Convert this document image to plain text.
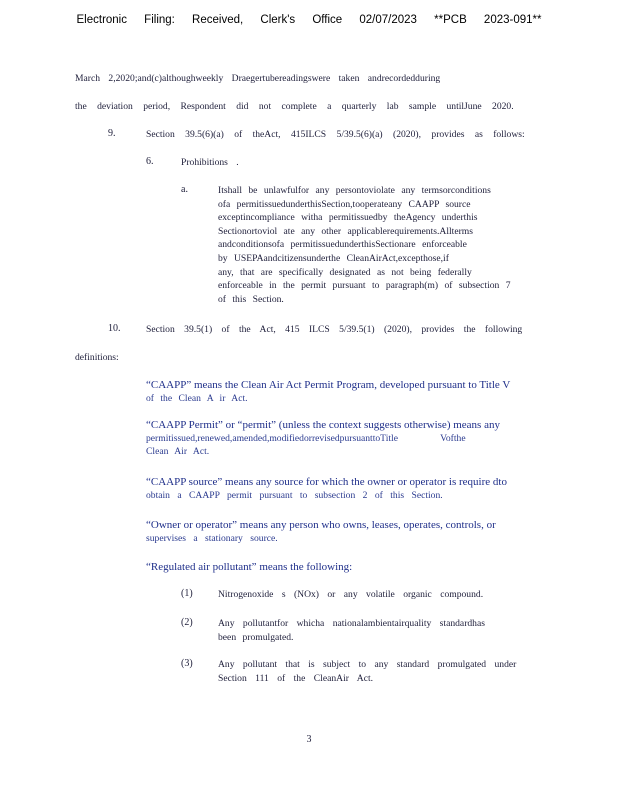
Electronic Filing: Received, Clerk's Office 02/07/2023 **PCB 2023-091**
March 2,2020;and(c)althoughweekly Draegertubereadingswere taken andrecordedduring
the deviation period, Respondent did not complete a quarterly lab sample untilJune 2020.
9.	Section 39.5(6)(a) of theAct, 415ILCS 5/39.5(6)(a) (2020), provides as follows:
6.	Prohibitions .
a.	Itshall be unlawfulfor any persontoviolate any termsorconditions
ofa permitissuedunderthisSection,tooperateany CAAPP source
exceptincompliance witha permitissuedby theAgency underthis
Sectionortoviol ate any other applicablerequirements.Allterms
andconditionsofa permitissuedunderthisSectionare enforceable
by USEPAandcitizensunderthe CleanAirAct,excepthose,if
any, that are specifically designated as not being federally
enforceable in the permit pursuant to paragraph(m) of subsection 7
of this Section.
10.	Section 39.5(1) of the Act, 415 ILCS 5/39.5(1) (2020), provides the following
definitions:
“CAAPP” means the Clean Air Act Permit Program, developed pursuant to Title V
of the Clean A ir Act.
“CAAPP Permit” or “permit” (unless the context suggests otherwise) means any
permitissued,renewed,amended,modifiedorrevisedpursuanttoTitle Vofthe
Clean Air Act.
“CAAPP source” means any source for which the owner or operator is require dto
obtain a CAAPP permit pursuant to subsection 2 of this Section.
“Owner or operator” means any person who owns, leases, operates, controls, or
supervises a stationary source.
“Regulated air pollutant” means the following:
(1)	Nitrogenoxide s (NOx) or any volatile organic compound.
(2)	Any pollutantfor whicha nationalambientairquality standardhas
been promulgated.
(3)	Any pollutant that is subject to any standard promulgated under
Section 111 of the CleanAir Act.
3
